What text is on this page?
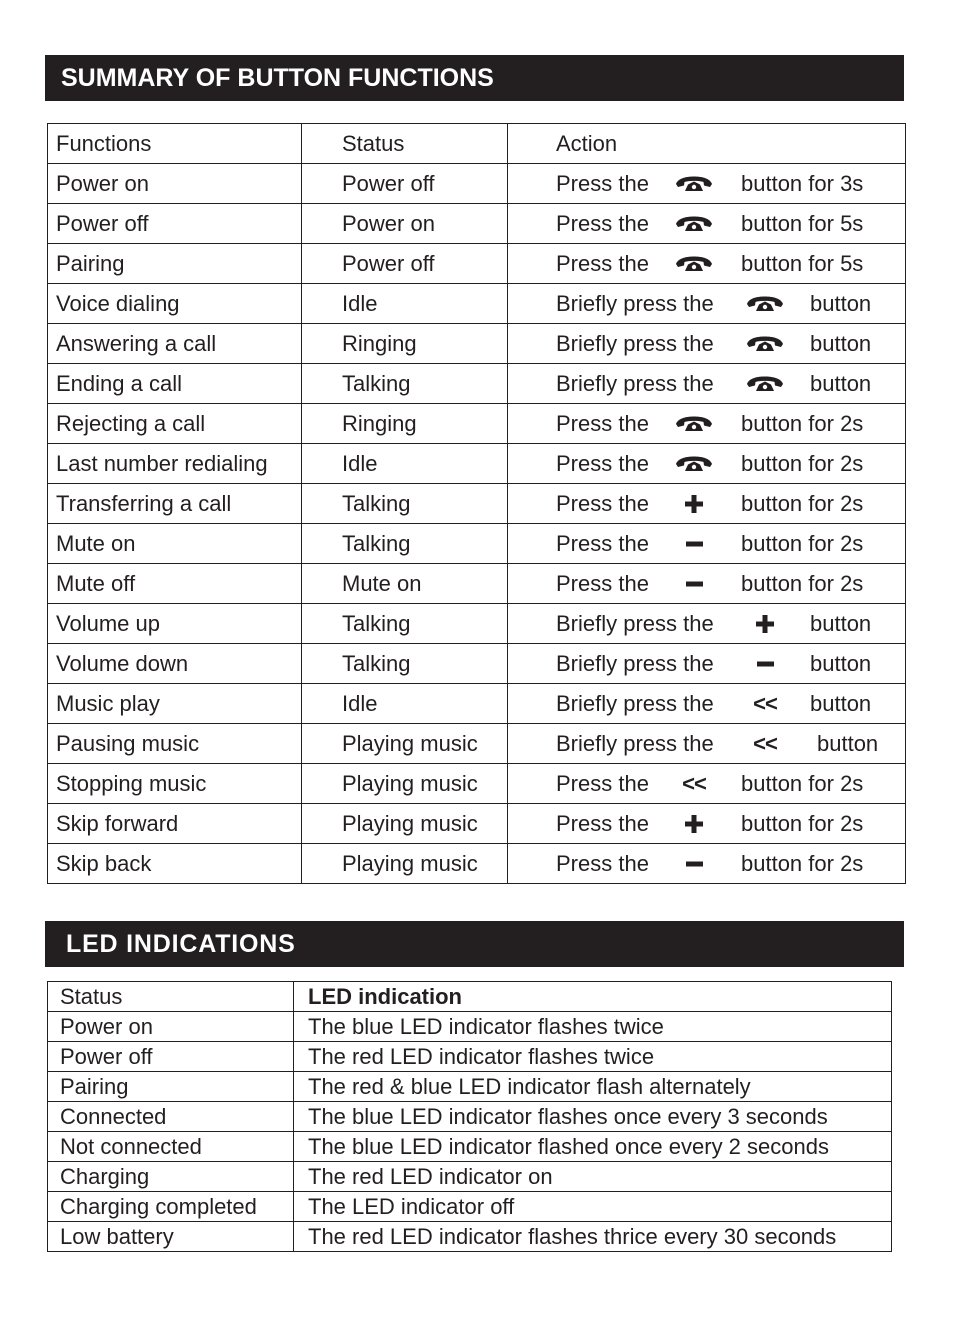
SUMMARY OF BUTTON FUNCTIONS
Functions	Status	Action
Power on	Power off	Press the button for 3s

Power off	Power on	Press the button for 5s

Pairing	Power off	Press the button for 5s

Voice dialing	Idle	Briefly press the button

Answering a call	Ringing	Briefly press the button

Ending a call	Talking	Briefly press the button

Rejecting a call	Ringing	Press the button for 2s

Last number redialing	Idle	Press the button for 2s

Transferring a call	Talking	Press the button for 2s

Mute on	Talking	Press the button for 2s

Mute off	Mute on	Press the button for 2s

Volume up	Talking	Briefly press the button

Volume down	Talking	Briefly press the button

Music play	Idle	Briefly press the << button

Pausing music	Playing music	Briefly press the << button

Stopping music	Playing music	Press the << button for 2s

Skip forward	Playing music	Press the button for 2s

Skip back	Playing music	Press the button for 2s
LED INDICATIONS
Status	LED indication
Power on	The blue LED indicator flashes twice
Power off	The red LED indicator flashes twice
Pairing	The red & blue LED indicator flash alternately
Connected	The blue LED indicator flashes once every 3 seconds
Not connected	The blue LED indicator flashed once every 2 seconds
Charging	The red LED indicator on
Charging completed	The LED indicator off
Low battery	The red LED indicator flashes thrice every 30 seconds
